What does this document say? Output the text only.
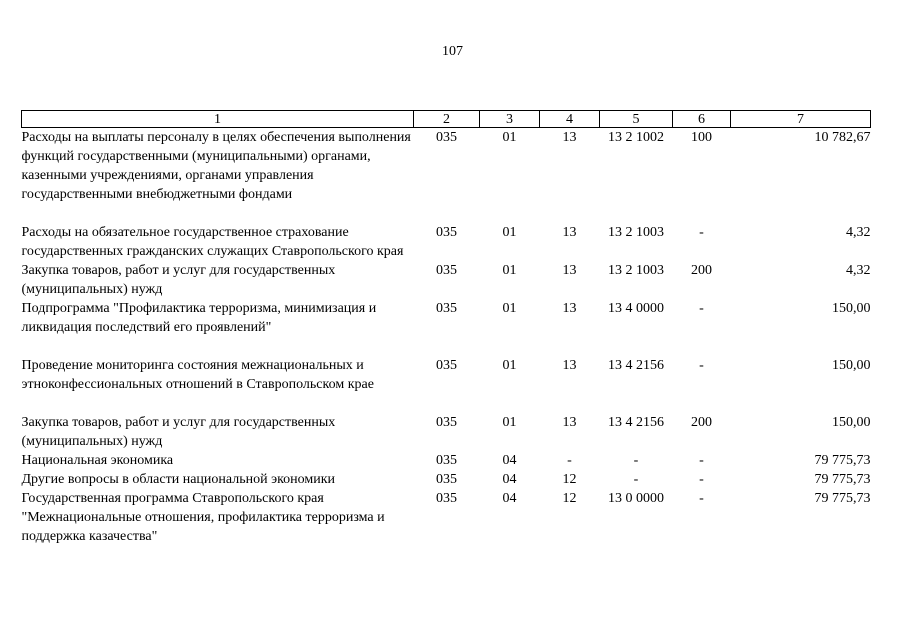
107
1	2	3	4	5	6	7
Расходы на выплаты персоналу в целях обеспечения выполнения функций государственными (муниципальными) органами, казенными учреждениями, органами управления государственными внебюджетными фондами	035	01	13	13 2 1002	100	10 782,67
Расходы на обязательное государственное страхование государственных гражданских служащих Ставропольского края	035	01	13	13 2 1003	-	4,32
Закупка товаров, работ и услуг для государственных (муниципальных) нужд	035	01	13	13 2 1003	200	4,32
Подпрограмма "Профилактика терроризма, минимизация и ликвидация последствий его проявлений"	035	01	13	13 4 0000	-	150,00
Проведение мониторинга состояния межнациональных и этноконфессиональных отношений в Ставропольском крае	035	01	13	13 4 2156	-	150,00
Закупка товаров, работ и услуг для государственных (муниципальных) нужд	035	01	13	13 4 2156	200	150,00
Национальная экономика	035	04	-	-	-	79 775,73
Другие вопросы в области национальной экономики	035	04	12	-	-	79 775,73
Государственная программа Ставропольского края "Межнациональные отношения, профилактика терроризма и поддержка казачества"	035	04	12	13 0 0000	-	79 775,73
